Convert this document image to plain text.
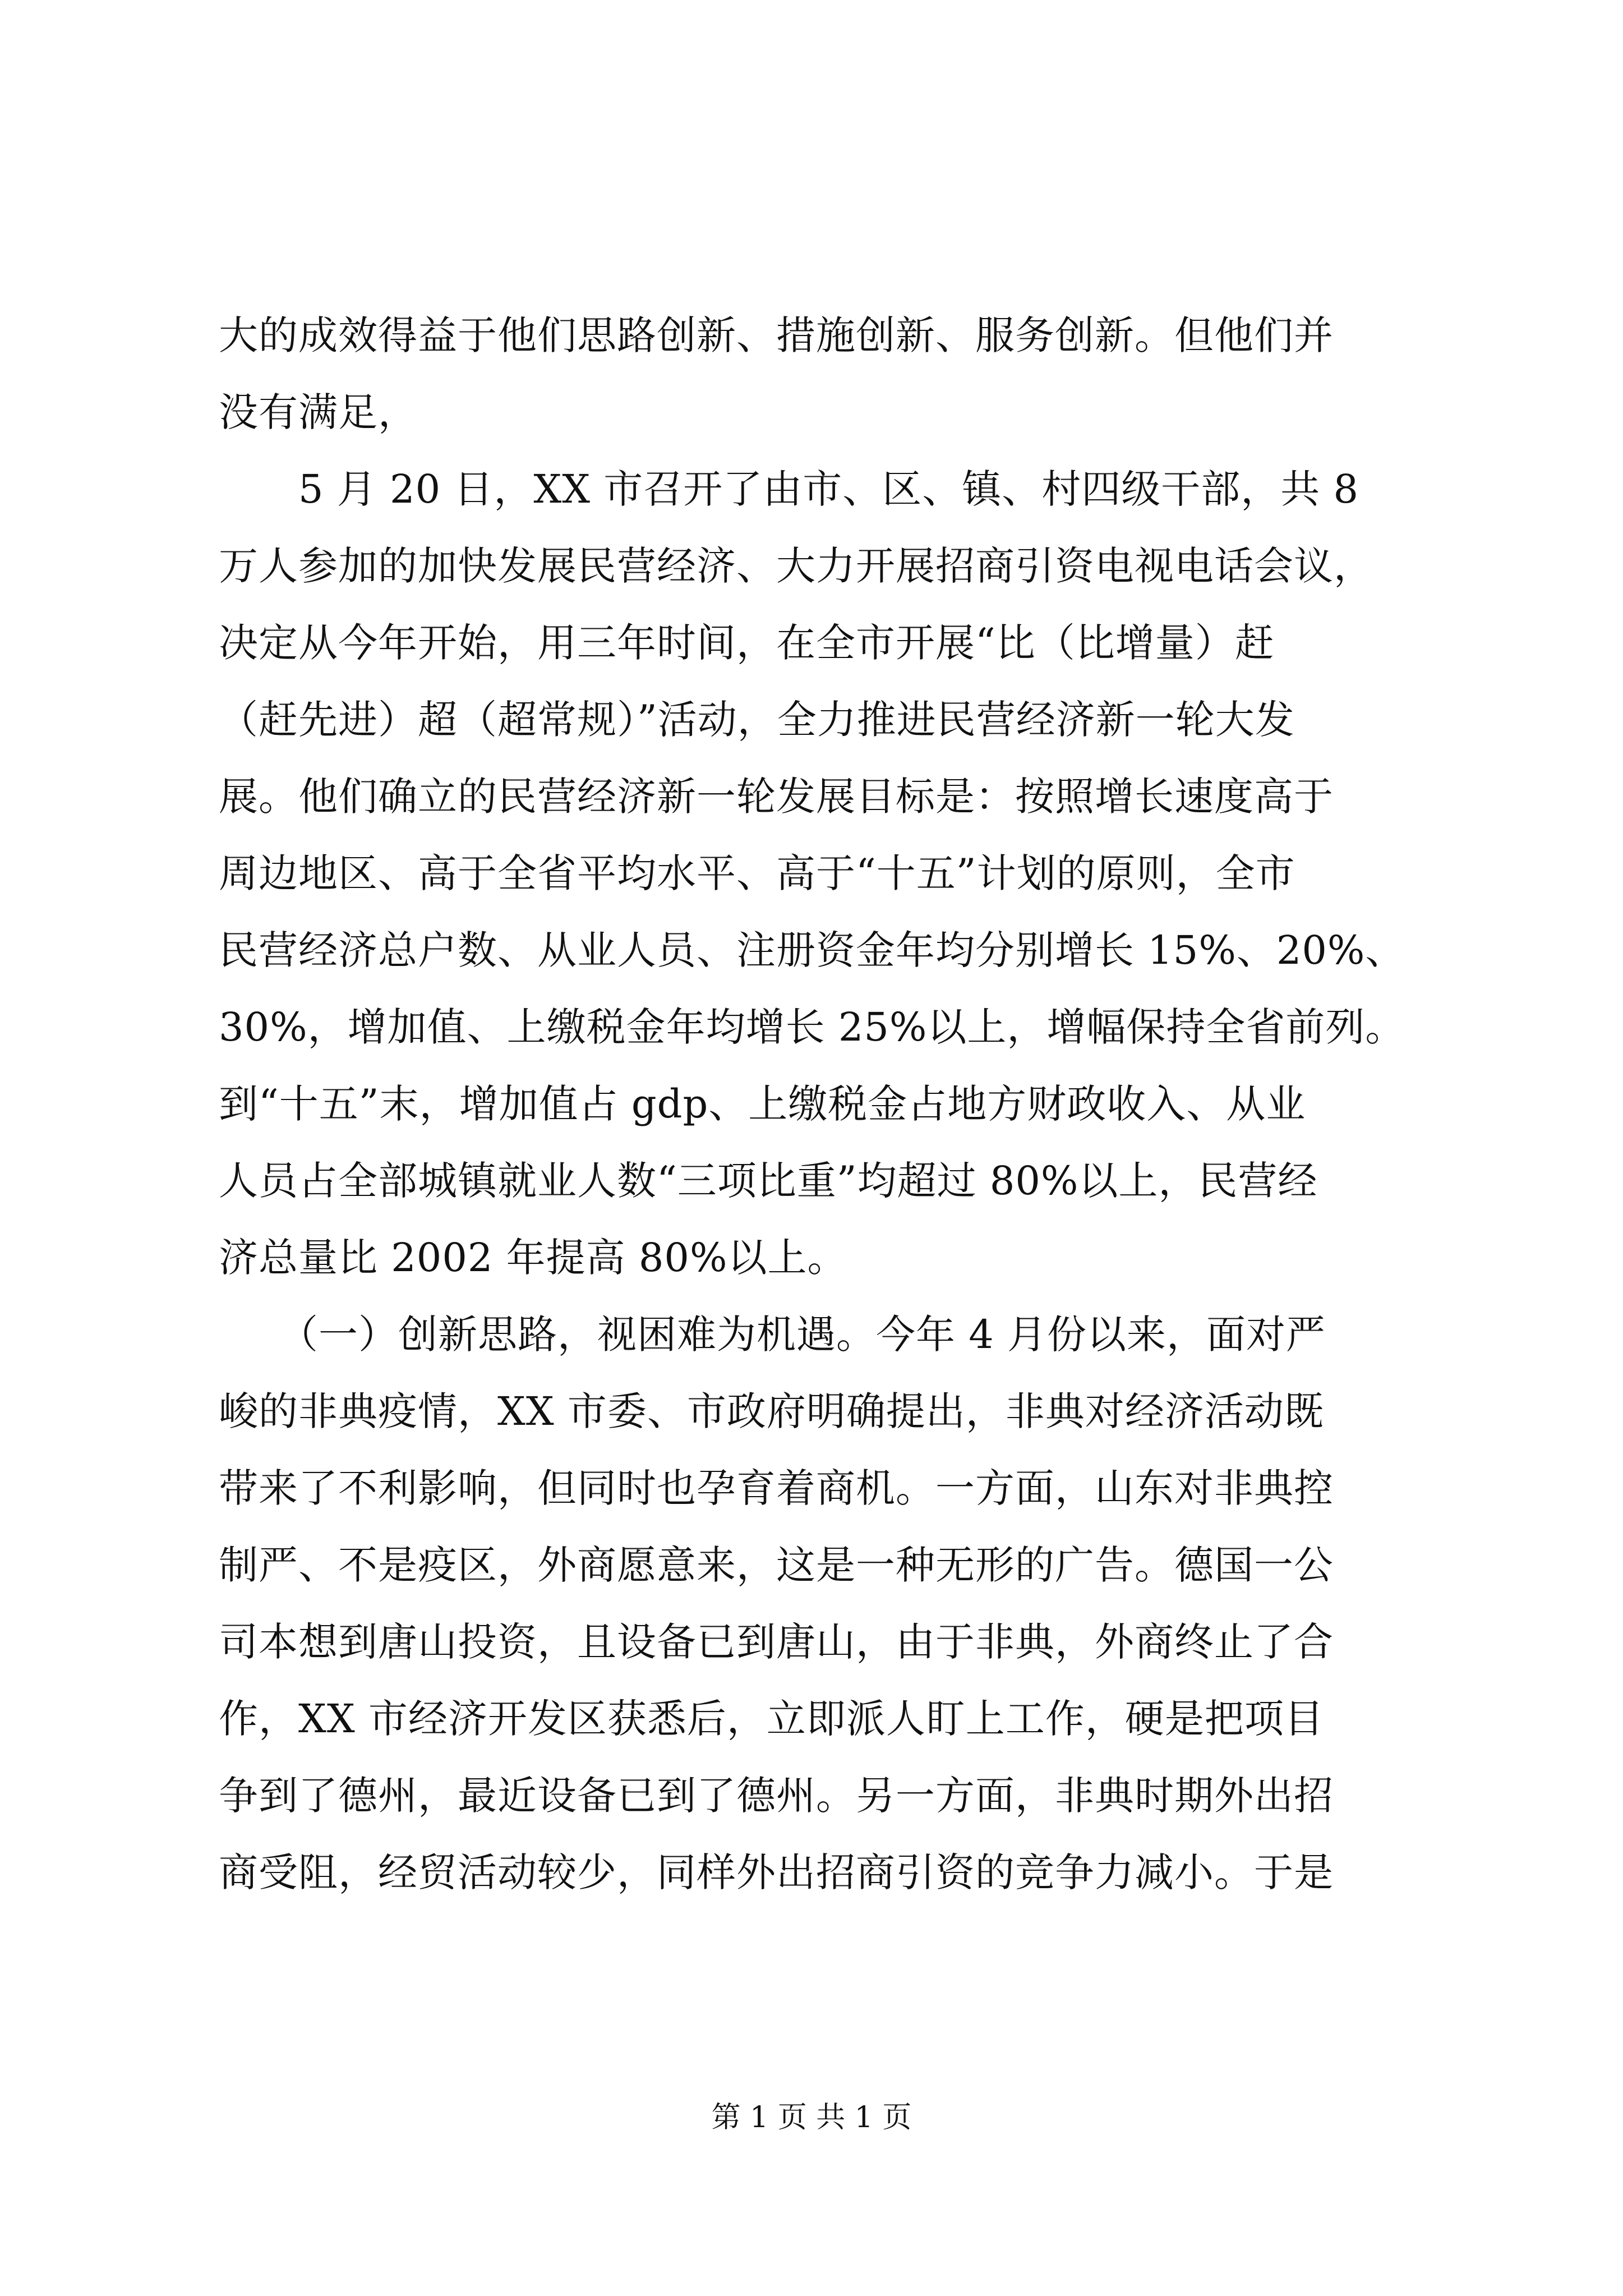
大的成效得益于他们思路创新、措施创新、服务创新。但他们并
没有满足，
　　5 月 20 日，XX 市召开了由市、区、镇、村四级干部，共 8
万人参加的加快发展民营经济、大力开展招商引资电视电话会议，
决定从今年开始，用三年时间，在全市开展“比（比增量）赶
（赶先进）超（超常规）”活动，全力推进民营经济新一轮大发
展。他们确立的民营经济新一轮发展目标是：按照增长速度高于
周边地区、高于全省平均水平、高于“十五”计划的原则，全市
民营经济总户数、从业人员、注册资金年均分别增长 15%、20%、
30%，增加值、上缴税金年均增长 25%以上，增幅保持全省前列。
到“十五”末，增加值占 gdp、上缴税金占地方财政收入、从业
人员占全部城镇就业人数“三项比重”均超过 80%以上，民营经
济总量比 2002 年提高 80%以上。
　　（一）创新思路，视困难为机遇。今年 4 月份以来，面对严
峻的非典疫情，XX 市委、市政府明确提出，非典对经济活动既
带来了不利影响，但同时也孕育着商机。一方面，山东对非典控
制严、不是疫区，外商愿意来，这是一种无形的广告。德国一公
司本想到唐山投资，且设备已到唐山，由于非典，外商终止了合
作，XX 市经济开发区获悉后，立即派人盯上工作，硬是把项目
争到了德州，最近设备已到了德州。另一方面，非典时期外出招
商受阻，经贸活动较少，同样外出招商引资的竞争力减小。于是
第 1 页 共 1 页
